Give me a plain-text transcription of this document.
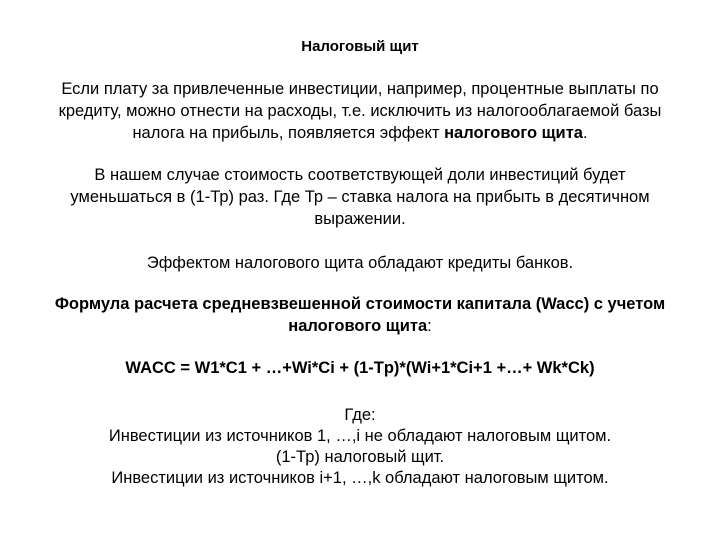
Налоговый щит
Если плату за привлеченные инвестиции, например, процентные выплаты по
кредиту, можно отнести на расходы, т.е. исключить из налогооблагаемой базы
налога на прибыль, появляется эффект налогового щита.
В нашем случае стоимость соответствующей доли инвестиций будет
уменьшаться в (1-Тр) раз. Где Тр – ставка налога на прибыть в десятичном
выражении.
Эффектом налогового щита обладают кредиты банков.
Формула расчета средневзвешенной стоимости капитала (Wacc) с учетом
налогового щита:
WACC = W1*C1 + …+Wi*Ci + (1-Tp)*(Wi+1*Ci+1 +…+ Wk*Ck)
Где:
Инвестиции из источников 1, …,i не обладают налоговым щитом.
(1-Тр) налоговый щит.
Инвестиции из источников i+1, …,k обладают налоговым щитом.
